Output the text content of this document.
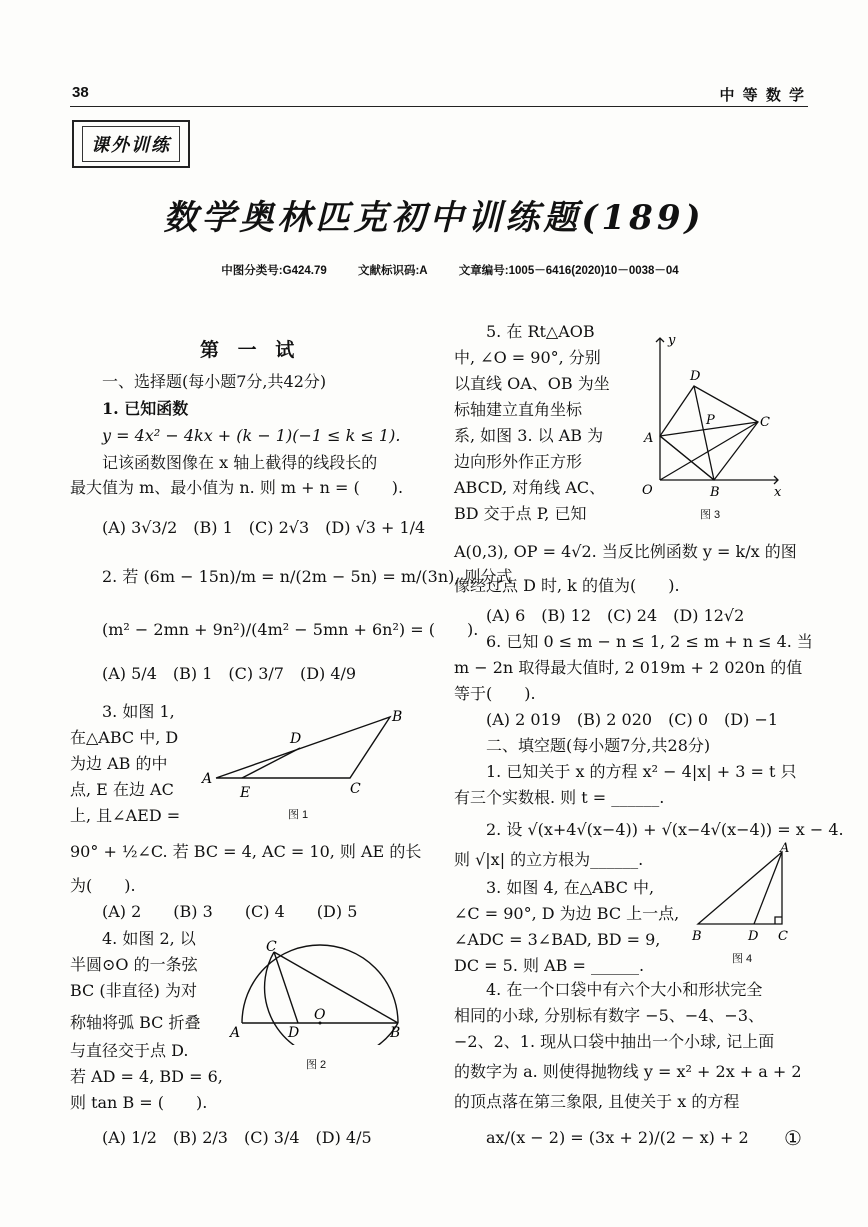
38	中 等 数 学
课外训练
数学奥林匹克初中训练题(189)
中图分类号:G424.79	文献标识码:A	文章编号:1005－6416(2020)10－0038－04
第 一 试
一、选择题(每小题7分,共42分)
1. 已知函数
y = 4x² − 4kx + (k − 1)(−1 ≤ k ≤ 1).
记该函数图像在 x 轴上截得的线段长的
最大值为 m、最小值为 n. 则 m + n = (　　).
(A) 3√3/2　(B) 1　(C) 2√3　(D) √3 + 1/4
2. 若 (6m − 15n)/m = n/(2m − 5n) = m/(3n), 则分式
(m² − 2mn + 9n²)/(4m² − 5mn + 6n²) = (　　).
(A) 5/4　(B) 1　(C) 3/7　(D) 4/9
3. 如图 1,
在△ABC 中, D
为边 AB 的中
点, E 在边 AC
上, 且∠AED =
90° + ½∠C. 若 BC = 4, AC = 10, 则 AE 的长
为(　　).
(A) 2　　(B) 3　　(C) 4　　(D) 5
A
B
C
D
E
图 1
4. 如图 2, 以
半圆⊙O 的一条弦
BC (非直径) 为对
称轴将弧 BC 折叠
与直径交于点 D.
若 AD = 4, BD = 6,
则 tan B = (　　).
(A) 1/2　(B) 2/3　(C) 3/4　(D) 4/5
A	B
C
D
O
图 2
5. 在 Rt△AOB
中, ∠O = 90°, 分别
以直线 OA、OB 为坐
标轴建立直角坐标
系, 如图 3. 以 AB 为
边向形外作正方形
ABCD, 对角线 AC、
BD 交于点 P, 已知
A(0,3), OP = 4√2. 当反比例函数 y = k/x 的图
像经过点 D 时, k 的值为(　　).
(A) 6　(B) 12　(C) 24　(D) 12√2
y
x
O
A
B
C
D
P
图 3
6. 已知 0 ≤ m − n ≤ 1, 2 ≤ m + n ≤ 4. 当
m − 2n 取得最大值时, 2 019m + 2 020n 的值
等于(　　).
(A) 2 019　(B) 2 020　(C) 0　(D) −1
二、填空题(每小题7分,共28分)
1. 已知关于 x 的方程 x² − 4|x| + 3 = t 只
有三个实数根. 则 t = ______.
2. 设 √(x+4√(x−4)) + √(x−4√(x−4)) = x − 4.
则 √|x| 的立方根为______.
3. 如图 4, 在△ABC 中,
∠C = 90°, D 为边 BC 上一点,
∠ADC = 3∠BAD, BD = 9,
DC = 5. 则 AB = ______.
A
B	C
D
图 4
4. 在一个口袋中有六个大小和形状完全
相同的小球, 分别标有数字 −5、−4、−3、
−2、2、1. 现从口袋中抽出一个小球, 记上面
的数字为 a. 则使得抛物线 y = x² + 2x + a + 2
的顶点落在第三象限, 且使关于 x 的方程
ax/(x − 2) = (3x + 2)/(2 − x) + 2 ①
